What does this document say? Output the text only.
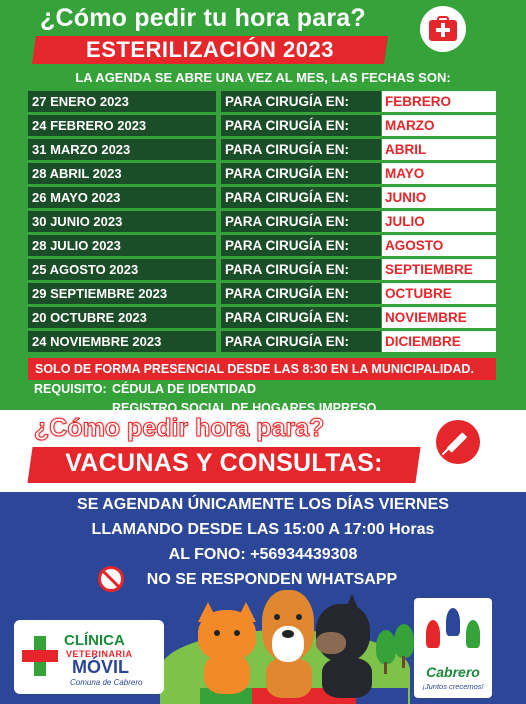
¿Cómo pedir tu hora para?
ESTERILIZACIÓN 2023
LA AGENDA SE ABRE UNA VEZ AL MES, LAS FECHAS SON:
27 ENERO 2023	PARA CIRUGÍA EN:	FEBRERO
24 FEBRERO 2023	PARA CIRUGÍA EN:	MARZO
31 MARZO 2023	PARA CIRUGÍA EN:	ABRIL
28 ABRIL 2023	PARA CIRUGÍA EN:	MAYO
26 MAYO 2023	PARA CIRUGÍA EN:	JUNIO
30 JUNIO 2023	PARA CIRUGÍA EN:	JULIO
28 JULIO 2023	PARA CIRUGÍA EN:	AGOSTO
25 AGOSTO 2023	PARA CIRUGÍA EN:	SEPTIEMBRE
29 SEPTIEMBRE 2023	PARA CIRUGÍA EN:	OCTUBRE
20 OCTUBRE 2023	PARA CIRUGÍA EN:	NOVIEMBRE
24 NOVIEMBRE 2023	PARA CIRUGÍA EN:	DICIEMBRE
SOLO DE FORMA PRESENCIAL DESDE LAS 8:30 EN LA MUNICIPALIDAD.
REQUISITO: CÉDULA DE IDENTIDAD
REGISTRO SOCIAL DE HOGARES IMPRESO
¿Cómo pedir hora para?
VACUNAS Y CONSULTAS:
SE AGENDAN ÚNICAMENTE LOS DÍAS VIERNES
LLAMANDO DESDE LAS 15:00 A 17:00 Horas
AL FONO: +56934439308
NO SE RESPONDEN WHATSAPP
CLÍNICA
VETERINARIA
MÓVIL
Comuna de Cabrero
Cabrero
¡Juntos crecemos!
